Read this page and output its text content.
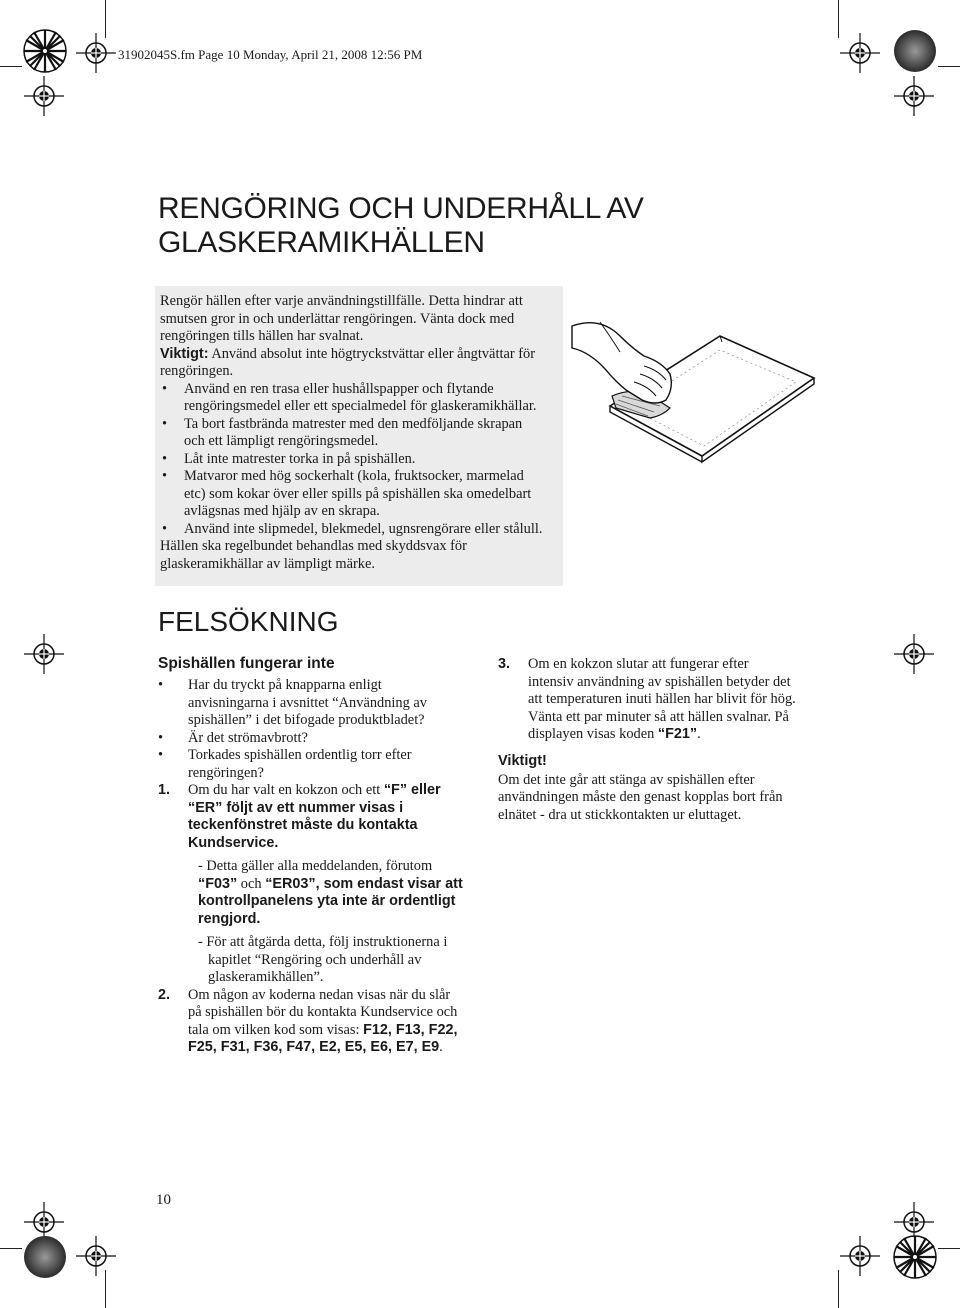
31902045S.fm Page 10 Monday, April 21, 2008 12:56 PM
RENGÖRING OCH UNDERHÅLL AV
GLASKERAMIKHÄLLEN

Rengör hällen efter varje användningstillfälle. Detta hindrar att

smutsen gror in och underlättar rengöringen. Vänta dock med

rengöringen tills hällen har svalnat.

Viktigt: Använd absolut inte högtryckstvättar eller ångtvättar för

rengöringen.

• Använd en ren trasa eller hushållspapper och flytande
rengöringsmedel eller ett specialmedel för glaskeramikhällar.
• Ta bort fastbrända matrester med den medföljande skrapan
och ett lämpligt rengöringsmedel.
• Låt inte matrester torka in på spishällen.
• Matvaror med hög sockerhalt (kola, fruktsocker, marmelad
etc) som kokar över eller spills på spishällen ska omedelbart
avlägsnas med hjälp av en skrapa.
• Använd inte slipmedel, blekmedel, ugnsrengörare eller stålull.

Hällen ska regelbundet behandlas med skyddsvax för

glaskeramikhällar av lämpligt märke.

FELSÖKNING
Spishällen fungerar inte
• Har du tryckt på knapparna enligt
anvisningarna i avsnittet “Användning av
spishällen” i det bifogade produktbladet?
• Är det strömavbrott?
• Torkades spishällen ordentlig torr efter
rengöringen?
1. Om du har valt en kokzon och ett “F” eller
“ER” följt av ett nummer visas i
teckenfönstret måste du kontakta
Kundservice.
- Detta gäller alla meddelanden, förutom
“F03” och “ER03”, som endast visar att
kontrollpanelens yta inte är ordentligt
rengjord.
- För att åtgärda detta, följ instruktionerna i
kapitlet “Rengöring och underhåll av
glaskeramikhällen”.
2. Om någon av koderna nedan visas när du slår
på spishällen bör du kontakta Kundservice och
tala om vilken kod som visas: F12, F13, F22,
F25, F31, F36, F47, E2, E5, E6, E7, E9.
3. Om en kokzon slutar att fungerar efter
intensiv användning av spishällen betyder det
att temperaturen inuti hällen har blivit för hög.
Vänta ett par minuter så att hällen svalnar. På
displayen visas koden “F21”.
Viktigt!
Om det inte går att stänga av spishällen efter
användningen måste den genast kopplas bort från
elnätet - dra ut stickkontakten ur eluttaget.
10
